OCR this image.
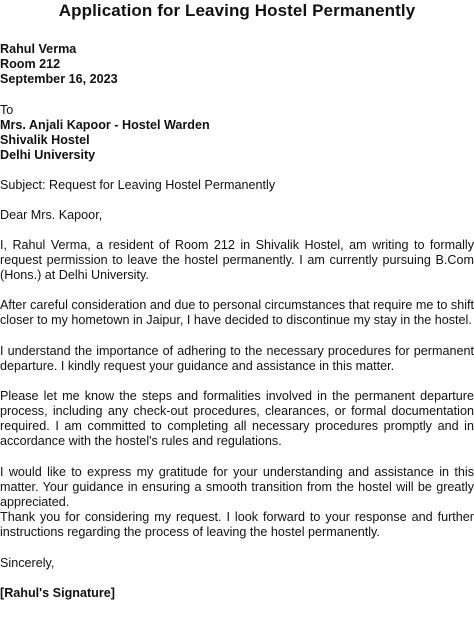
Application for Leaving Hostel Permanently
Rahul Verma
Room 212
September 16, 2023
To
Mrs. Anjali Kapoor - Hostel Warden
Shivalik Hostel
Delhi University
Subject: Request for Leaving Hostel Permanently
Dear Mrs. Kapoor,
I, Rahul Verma, a resident of Room 212 in Shivalik Hostel, am writing to formally request permission to leave the hostel permanently. I am currently pursuing B.Com (Hons.) at Delhi University.
After careful consideration and due to personal circumstances that require me to shift closer to my hometown in Jaipur, I have decided to discontinue my stay in the hostel.
I understand the importance of adhering to the necessary procedures for permanent departure. I kindly request your guidance and assistance in this matter.
Please let me know the steps and formalities involved in the permanent departure process, including any check-out procedures, clearances, or formal documentation required. I am committed to completing all necessary procedures promptly and in accordance with the hostel's rules and regulations.
I would like to express my gratitude for your understanding and assistance in this matter. Your guidance in ensuring a smooth transition from the hostel will be greatly appreciated.
Thank you for considering my request. I look forward to your response and further instructions regarding the process of leaving the hostel permanently.
Sincerely,
[Rahul's Signature]
